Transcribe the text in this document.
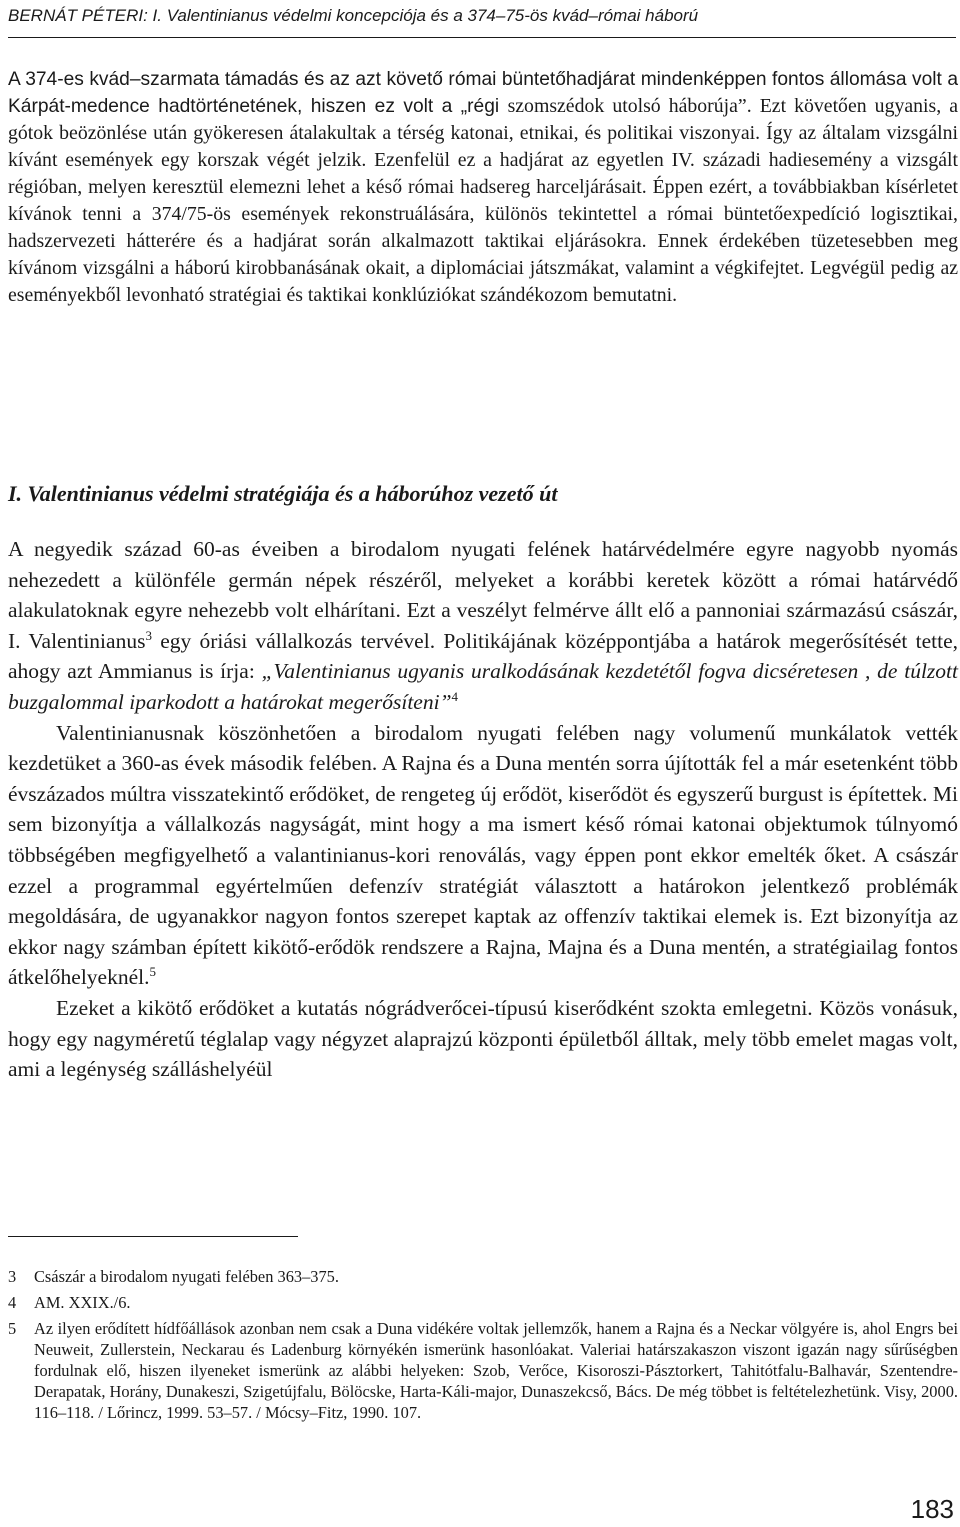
BERNÁT PÉTERI: I. Valentinianus védelmi koncepciója és a 374–75-ös kvád–római háború
A 374-es kvád–szarmata támadás és az azt követő római büntetőhadjárat mindenképpen fontos állomása volt a Kárpát-medence hadtörténetének, hiszen ez volt a „régi szomszédok utolsó háborúja”. Ezt követően ugyanis, a gótok beözönlése után gyökeresen átalakultak a térség katonai, etnikai, és politikai viszonyai. Így az általam vizsgálni kívánt események egy korszak végét jelzik. Ezenfelül ez a hadjárat az egyetlen IV. századi hadiesemény a vizsgált régióban, melyen keresztül elemezni lehet a késő római hadsereg harceljárásait. Éppen ezért, a továbbiakban kísérletet kívánok tenni a 374/75-ös események rekonstruálására, különös tekintettel a római büntetőexpedíció logisztikai, hadszervezeti hátterére és a hadjárat során alkalmazott taktikai eljárásokra. Ennek érdekében tüzetesebben meg kívánom vizsgálni a háború kirobbanásának okait, a diplomáciai játszmákat, valamint a végkifejtet. Legvégül pedig az eseményekből levonható stratégiai és taktikai konklúziókat szándékozom bemutatni.
I. Valentinianus védelmi stratégiája és a háborúhoz vezető út

A negyedik század 60-as éveiben a birodalom nyugati felének határvédelmére egyre nagyobb nyomás nehezedett a különféle germán népek részéről, melyeket a korábbi keretek között a római határvédő alakulatoknak egyre nehezebb volt elhárítani. Ezt a veszélyt felmérve állt elő a pannoniai származású császár, I. Valentinianus$^3$ egy óriási vállalkozás tervével. Politikájának középpontjába a határok megerősítését tette, ahogy azt Ammianus is írja: „Valentinianus ugyanis uralkodásának kezdetétől fogva dicséretesen , de túlzott buzgalommal iparkodott a határokat megerősíteni”$^4$

Valentinianusnak köszönhetően a birodalom nyugati felében nagy volumenű munkálatok vették kezdetüket a 360-as évek második felében. A Rajna és a Duna mentén sorra újították fel a már esetenként több évszázados múltra visszatekintő erődöket, de rengeteg új erődöt, kiserődöt és egyszerű burgust is építettek. Mi sem bizonyítja a vállalkozás nagyságát, mint hogy a ma ismert késő római katonai objektumok túlnyomó többségében megfigyelhető a valantinianus-kori renoválás, vagy éppen pont ekkor emelték őket. A császár ezzel a programmal egyértelműen defenzív stratégiát választott a határokon jelentkező problémák megoldására, de ugyanakkor nagyon fontos szerepet kaptak az offenzív taktikai elemek is. Ezt bizonyítja az ekkor nagy számban épített kikötő-erődök rendszere a Rajna, Majna és a Duna mentén, a stratégiailag fontos átkelőhelyeknél.$^5$

Ezeket a kikötő erődöket a kutatás nógrádverőcei-típusú kiserődként szokta emlegetni. Közös vonásuk, hogy egy nagyméretű téglalap vagy négyzet alaprajzú központi épületből álltak, mely több emelet magas volt, ami a legénység szálláshelyéül

3 Császár a birodalom nyugati felében 363–375.
4 AM. XXIX./6.
5 Az ilyen erődített hídfőállások azonban nem csak a Duna vidékére voltak jellemzők, hanem a Rajna és a Neckar völgyére is, ahol Engrs bei Neuweit, Zullerstein, Neckarau és Ladenburg környékén ismerünk hasonlóakat. Valeriai határszakaszon viszont igazán nagy sűrűségben fordulnak elő, hiszen ilyeneket ismerünk az alábbi helyeken: Szob, Verőce, Kisoroszi-Pásztorkert, Tahitótfalu-Balhavár, Szentendre-Derapatak, Horány, Dunakeszi, Szigetújfalu, Bölöcske, Harta-Káli-major, Dunaszekcső, Bács. De még többet is feltételezhetünk. Visy, 2000. 116–118. / Lőrincz, 1999. 53–57. / Mócsy–Fitz, 1990. 107.
183
